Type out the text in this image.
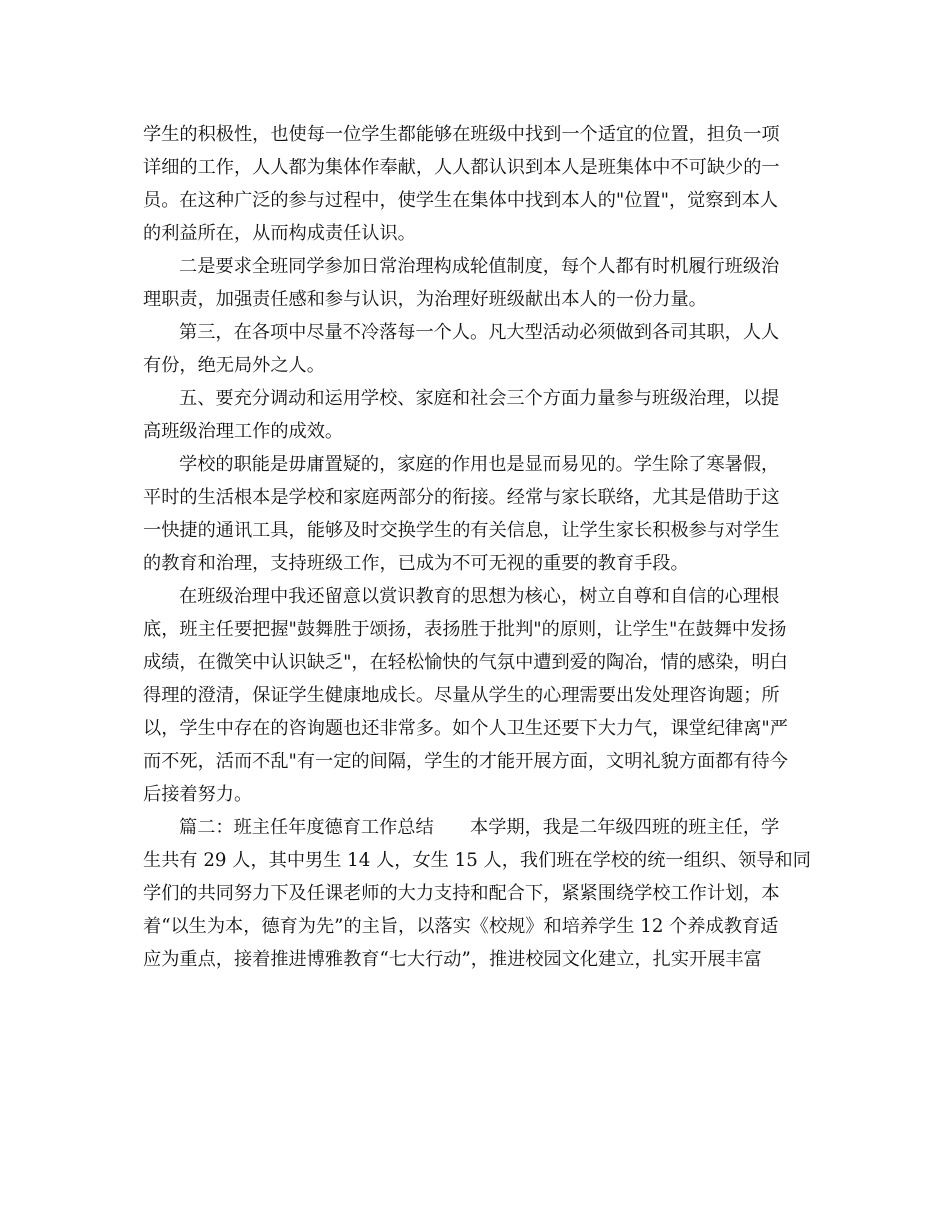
学生的积极性，也使每一位学生都能够在班级中找到一个适宜的位置，担负一项

详细的工作，人人都为集体作奉献，人人都认识到本人是班集体中不可缺少的一

员。在这种广泛的参与过程中，使学生在集体中找到本人的"位置"，觉察到本人

的利益所在，从而构成责任认识。

二是要求全班同学参加日常治理构成轮值制度，每个人都有时机履行班级治

理职责，加强责任感和参与认识，为治理好班级献出本人的一份力量。

第三，在各项中尽量不冷落每一个人。凡大型活动必须做到各司其职，人人

有份，绝无局外之人。

五、要充分调动和运用学校、家庭和社会三个方面力量参与班级治理，以提

高班级治理工作的成效。

学校的职能是毋庸置疑的，家庭的作用也是显而易见的。学生除了寒暑假，

平时的生活根本是学校和家庭两部分的衔接。经常与家长联络，尤其是借助于这

一快捷的通讯工具，能够及时交换学生的有关信息，让学生家长积极参与对学生

的教育和治理，支持班级工作，已成为不可无视的重要的教育手段。

在班级治理中我还留意以赏识教育的思想为核心，树立自尊和自信的心理根

底，班主任要把握"鼓舞胜于颂扬，表扬胜于批判"的原则，让学生"在鼓舞中发扬

成绩，在微笑中认识缺乏"，在轻松愉快的气氛中遭到爱的陶冶，情的感染，明白

得理的澄清，保证学生健康地成长。尽量从学生的心理需要出发处理咨询题；所

以，学生中存在的咨询题也还非常多。如个人卫生还要下大力气，课堂纪律离"严

而不死，活而不乱"有一定的间隔，学生的才能开展方面，文明礼貌方面都有待今

后接着努力。

篇二：班主任年度德育工作总结　　本学期，我是二年级四班的班主任，学

生共有 29 人，其中男生 14 人，女生 15 人，我们班在学校的统一组织、领导和同

学们的共同努力下及任课老师的大力支持和配合下，紧紧围绕学校工作计划，本

着“以生为本，德育为先”的主旨，以落实《校规》和培养学生 12 个养成教育适

应为重点，接着推进博雅教育“七大行动”，推进校园文化建立，扎实开展丰富
